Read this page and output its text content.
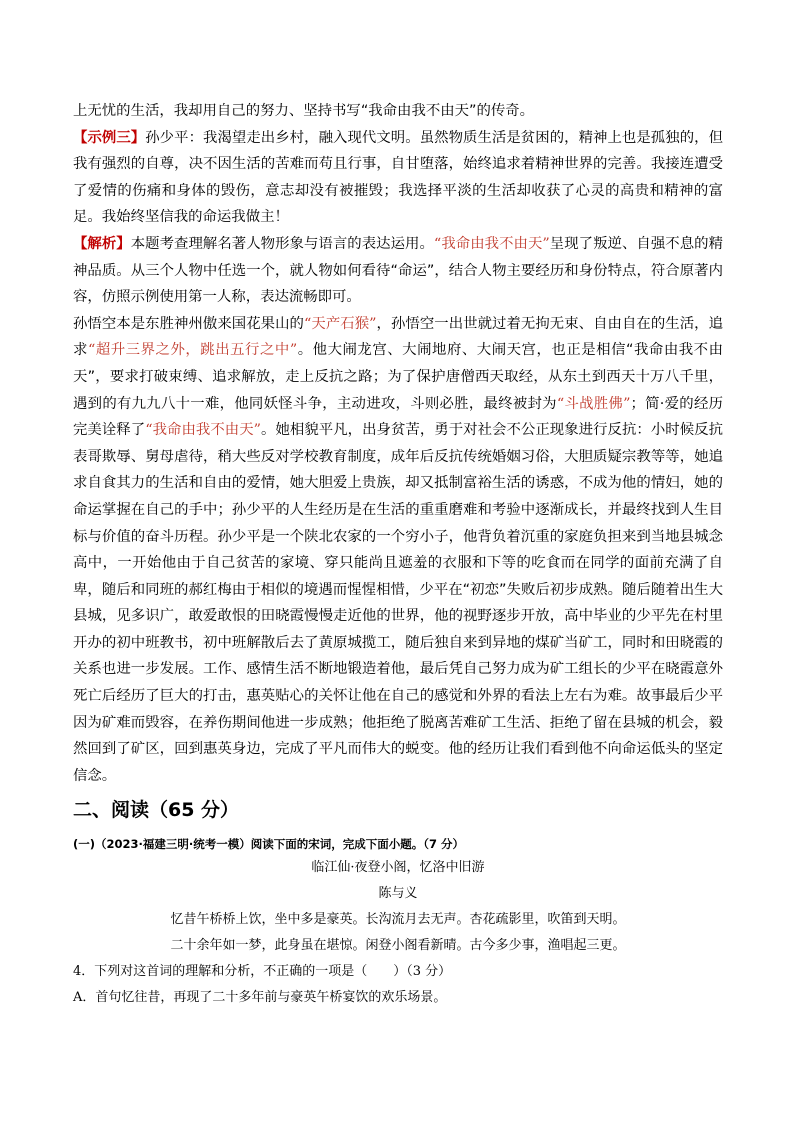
上无忧的生活，我却用自己的努力、坚持书写“我命由我不由天”的传奇。

【示例三】孙少平：我渴望走出乡村，融入现代文明。虽然物质生活是贫困的，精神上也是孤独的，但我有强烈的自尊，决不因生活的苦难而苟且行事，自甘堕落，始终追求着精神世界的完善。我接连遭受了爱情的伤痛和身体的毁伤，意志却没有被摧毁；我选择平淡的生活却收获了心灵的高贵和精神的富足。我始终坚信我的命运我做主！

【解析】本题考查理解名著人物形象与语言的表达运用。“我命由我不由天”呈现了叛逆、自强不息的精神品质。从三个人物中任选一个，就人物如何看待“命运”，结合人物主要经历和身份特点，符合原著内容，仿照示例使用第一人称，表达流畅即可。

孙悟空本是东胜神州傲来国花果山的“天产石猴”，孙悟空一出世就过着无拘无束、自由自在的生活，追求“超升三界之外，跳出五行之中”。他大闹龙宫、大闹地府、大闹天宫，也正是相信“我命由我不由天”，要求打破束缚、追求解放，走上反抗之路；为了保护唐僧西天取经，从东土到西天十万八千里，遇到的有九九八十一难，他同妖怪斗争，主动进攻，斗则必胜，最终被封为“斗战胜佛”；简·爱的经历完美诠释了“我命由我不由天”。她相貌平凡，出身贫苦，勇于对社会不公正现象进行反抗：小时候反抗表哥欺辱、舅母虐待，稍大些反对学校教育制度，成年后反抗传统婚姻习俗，大胆质疑宗教等等，她追求自食其力的生活和自由的爱情，她大胆爱上贵族，却又抵制富裕生活的诱惑，不成为他的情妇，她的命运掌握在自己的手中；孙少平的人生经历是在生活的重重磨难和考验中逐渐成长，并最终找到人生目标与价值的奋斗历程。孙少平是一个陕北农家的一个穷小子，他背负着沉重的家庭负担来到当地县城念高中，一开始他由于自己贫苦的家境、穿只能尚且遮羞的衣服和下等的吃食而在同学的面前充满了自卑，随后和同班的郝红梅由于相似的境遇而惺惺相惜，少平在“初恋”失败后初步成熟。随后随着出生大县城，见多识广，敢爱敢恨的田晓霞慢慢走近他的世界，他的视野逐步开放，高中毕业的少平先在村里开办的初中班教书，初中班解散后去了黄原城揽工，随后独自来到异地的煤矿当矿工，同时和田晓霞的关系也进一步发展。工作、感情生活不断地锻造着他，最后凭自己努力成为矿工组长的少平在晓霞意外死亡后经历了巨大的打击，惠英贴心的关怀让他在自己的感觉和外界的看法上左右为难。故事最后少平因为矿难而毁容，在养伤期间他进一步成熟；他拒绝了脱离苦难矿工生活、拒绝了留在县城的机会，毅然回到了矿区，回到惠英身边，完成了平凡而伟大的蜕变。他的经历让我们看到他不向命运低头的坚定信念。

二、阅读（65 分）

(一)（2023·福建三明·统考一模）阅读下面的宋词，完成下面小题。（7 分）

临江仙·夜登小阁，忆洛中旧游

陈与义

忆昔午桥桥上饮，坐中多是豪英。长沟流月去无声。杏花疏影里，吹笛到天明。

二十余年如一梦，此身虽在堪惊。闲登小阁看新晴。古今多少事，渔唱起三更。

4．下列对这首词的理解和分析，不正确的一项是（　　）（3 分）

A．首句忆往昔，再现了二十多年前与豪英午桥宴饮的欢乐场景。
